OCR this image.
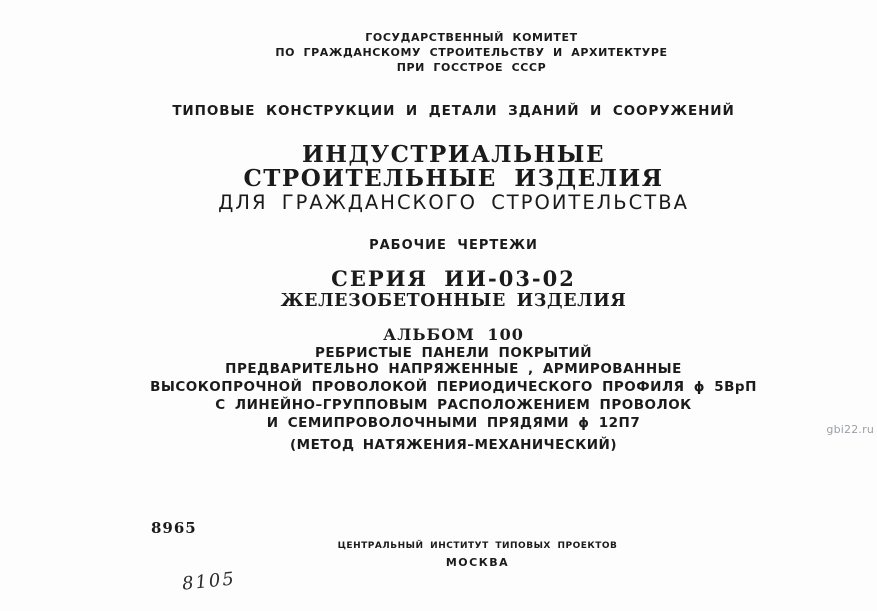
ГОСУДАРСТВЕННЫЙ КОМИТЕТ
ПО ГРАЖДАНСКОМУ СТРОИТЕЛЬСТВУ И АРХИТЕКТУРЕ
ПРИ ГОССТРОЕ СССР
ТИПОВЫЕ КОНСТРУКЦИИ И ДЕТАЛИ ЗДАНИЙ И СООРУЖЕНИЙ
ИНДУСТРИАЛЬНЫЕ
СТРОИТЕЛЬНЫЕ ИЗДЕЛИЯ
ДЛЯ ГРАЖДАНСКОГО СТРОИТЕЛЬСТВА
РАБОЧИЕ ЧЕРТЕЖИ
СЕРИЯ ИИ-03-02
ЖЕЛЕЗОБЕТОННЫЕ ИЗДЕЛИЯ
АЛЬБОМ 100
РЕБРИСТЫЕ ПАНЕЛИ ПОКРЫТИЙ
ПРЕДВАРИТЕЛЬНО НАПРЯЖЕННЫЕ , АРМИРОВАННЫЕ
ВЫСОКОПРОЧНОЙ ПРОВОЛОКОЙ ПЕРИОДИЧЕСКОГО ПРОФИЛЯ ϕ 5ВрП
С ЛИНЕЙНО–ГРУППОВЫМ РАСПОЛОЖЕНИЕМ ПРОВОЛОК
И СЕМИПРОВОЛОЧНЫМИ ПРЯДЯМИ ϕ 12П7
(МЕТОД НАТЯЖЕНИЯ–МЕХАНИЧЕСКИЙ)
8965
ЦЕНТРАЛЬНЫЙ ИНСТИТУТ ТИПОВЫХ ПРОЕКТОВ
МОСКВА
8105
gbi22.ru
